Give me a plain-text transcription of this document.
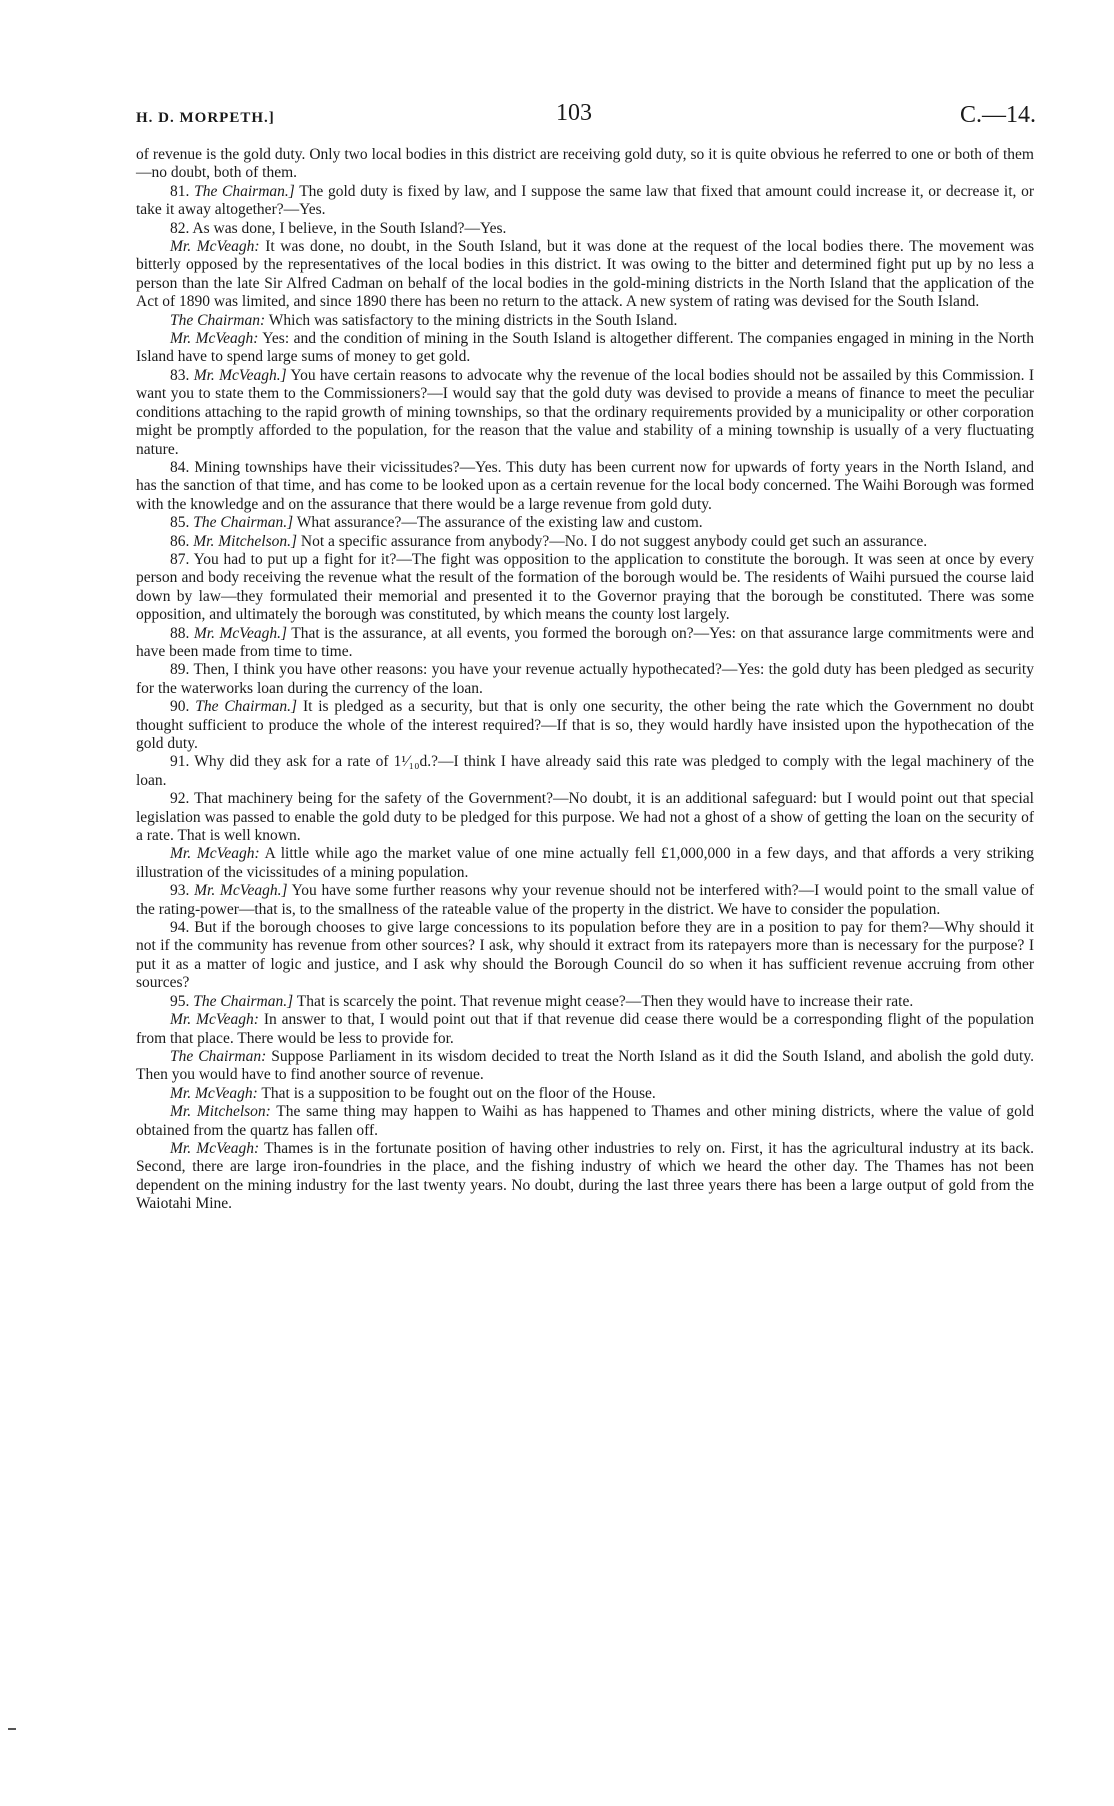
H. D. MORPETH.]	103	C.—14.

of revenue is the gold duty. Only two local bodies in this district are receiving gold duty, so it is quite obvious he referred to one or both of them—no doubt, both of them.

81. The Chairman.] The gold duty is fixed by law, and I suppose the same law that fixed that amount could increase it, or decrease it, or take it away altogether?—Yes.

82. As was done, I believe, in the South Island?—Yes.

Mr. McVeagh: It was done, no doubt, in the South Island, but it was done at the request of the local bodies there. The movement was bitterly opposed by the representatives of the local bodies in this district. It was owing to the bitter and determined fight put up by no less a person than the late Sir Alfred Cadman on behalf of the local bodies in the gold-mining districts in the North Island that the application of the Act of 1890 was limited, and since 1890 there has been no return to the attack. A new system of rating was devised for the South Island.

The Chairman: Which was satisfactory to the mining districts in the South Island.

Mr. McVeagh: Yes: and the condition of mining in the South Island is altogether different. The companies engaged in mining in the North Island have to spend large sums of money to get gold.

83. Mr. McVeagh.] You have certain reasons to advocate why the revenue of the local bodies should not be assailed by this Commission. I want you to state them to the Commissioners?—I would say that the gold duty was devised to provide a means of finance to meet the peculiar conditions attaching to the rapid growth of mining townships, so that the ordinary requirements provided by a municipality or other corporation might be promptly afforded to the population, for the reason that the value and stability of a mining township is usually of a very fluctuating nature.

84. Mining townships have their vicissitudes?—Yes. This duty has been current now for upwards of forty years in the North Island, and has the sanction of that time, and has come to be looked upon as a certain revenue for the local body concerned. The Waihi Borough was formed with the knowledge and on the assurance that there would be a large revenue from gold duty.

85. The Chairman.] What assurance?—The assurance of the existing law and custom.

86. Mr. Mitchelson.] Not a specific assurance from anybody?—No. I do not suggest anybody could get such an assurance.

87. You had to put up a fight for it?—The fight was opposition to the application to constitute the borough. It was seen at once by every person and body receiving the revenue what the result of the formation of the borough would be. The residents of Waihi pursued the course laid down by law—they formulated their memorial and presented it to the Governor praying that the borough be constituted. There was some opposition, and ultimately the borough was constituted, by which means the county lost largely.

88. Mr. McVeagh.] That is the assurance, at all events, you formed the borough on?—Yes: on that assurance large commitments were and have been made from time to time.

89. Then, I think you have other reasons: you have your revenue actually hypothecated?—Yes: the gold duty has been pledged as security for the waterworks loan during the currency of the loan.

90. The Chairman.] It is pledged as a security, but that is only one security, the other being the rate which the Government no doubt thought sufficient to produce the whole of the interest required?—If that is so, they would hardly have insisted upon the hypothecation of the gold duty.

91. Why did they ask for a rate of 1¹⁄₁₀d.?—I think I have already said this rate was pledged to comply with the legal machinery of the loan.

92. That machinery being for the safety of the Government?—No doubt, it is an additional safeguard: but I would point out that special legislation was passed to enable the gold duty to be pledged for this purpose. We had not a ghost of a show of getting the loan on the security of a rate. That is well known.

Mr. McVeagh: A little while ago the market value of one mine actually fell £1,000,000 in a few days, and that affords a very striking illustration of the vicissitudes of a mining population.

93. Mr. McVeagh.] You have some further reasons why your revenue should not be interfered with?—I would point to the small value of the rating-power—that is, to the smallness of the rateable value of the property in the district. We have to consider the population.

94. But if the borough chooses to give large concessions to its population before they are in a position to pay for them?—Why should it not if the community has revenue from other sources? I ask, why should it extract from its ratepayers more than is necessary for the purpose? I put it as a matter of logic and justice, and I ask why should the Borough Council do so when it has sufficient revenue accruing from other sources?

95. The Chairman.] That is scarcely the point. That revenue might cease?—Then they would have to increase their rate.

Mr. McVeagh: In answer to that, I would point out that if that revenue did cease there would be a corresponding flight of the population from that place. There would be less to provide for.

The Chairman: Suppose Parliament in its wisdom decided to treat the North Island as it did the South Island, and abolish the gold duty. Then you would have to find another source of revenue.

Mr. McVeagh: That is a supposition to be fought out on the floor of the House.

Mr. Mitchelson: The same thing may happen to Waihi as has happened to Thames and other mining districts, where the value of gold obtained from the quartz has fallen off.

Mr. McVeagh: Thames is in the fortunate position of having other industries to rely on. First, it has the agricultural industry at its back. Second, there are large iron-foundries in the place, and the fishing industry of which we heard the other day. The Thames has not been dependent on the mining industry for the last twenty years. No doubt, during the last three years there has been a large output of gold from the Waiotahi Mine.
